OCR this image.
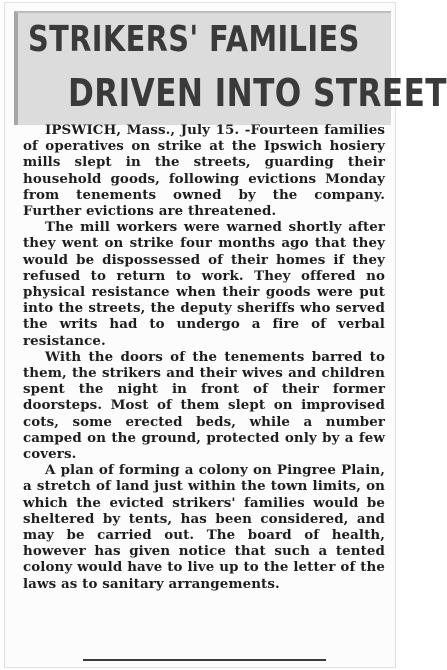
STRIKERS' FAMILIES
DRIVEN INTO STREET

IPSWICH, Mass., July 15. -Fourteen families of operatives on strike at the Ipswich hosiery mills slept in the streets, guarding their household goods, following evictions Monday from tenements owned by the company. Further evictions are threatened.

The mill workers were warned shortly after they went on strike four months ago that they would be dispossessed of their homes if they refused to return to work. They offered no physical resistance when their goods were put into the streets, the deputy sheriffs who served the writs had to undergo a fire of verbal resistance.

With the doors of the tenements barred to them, the strikers and their wives and children spent the night in front of their former doorsteps. Most of them slept on improvised cots, some erected beds, while a number camped on the ground, protected only by a few covers.

A plan of forming a colony on Pingree Plain, a stretch of land just within the town limits, on which the evicted strikers' families would be sheltered by tents, has been considered, and may be carried out. The board of health, however has given notice that such a tented colony would have to live up to the letter of the laws as to sanitary arrangements.
